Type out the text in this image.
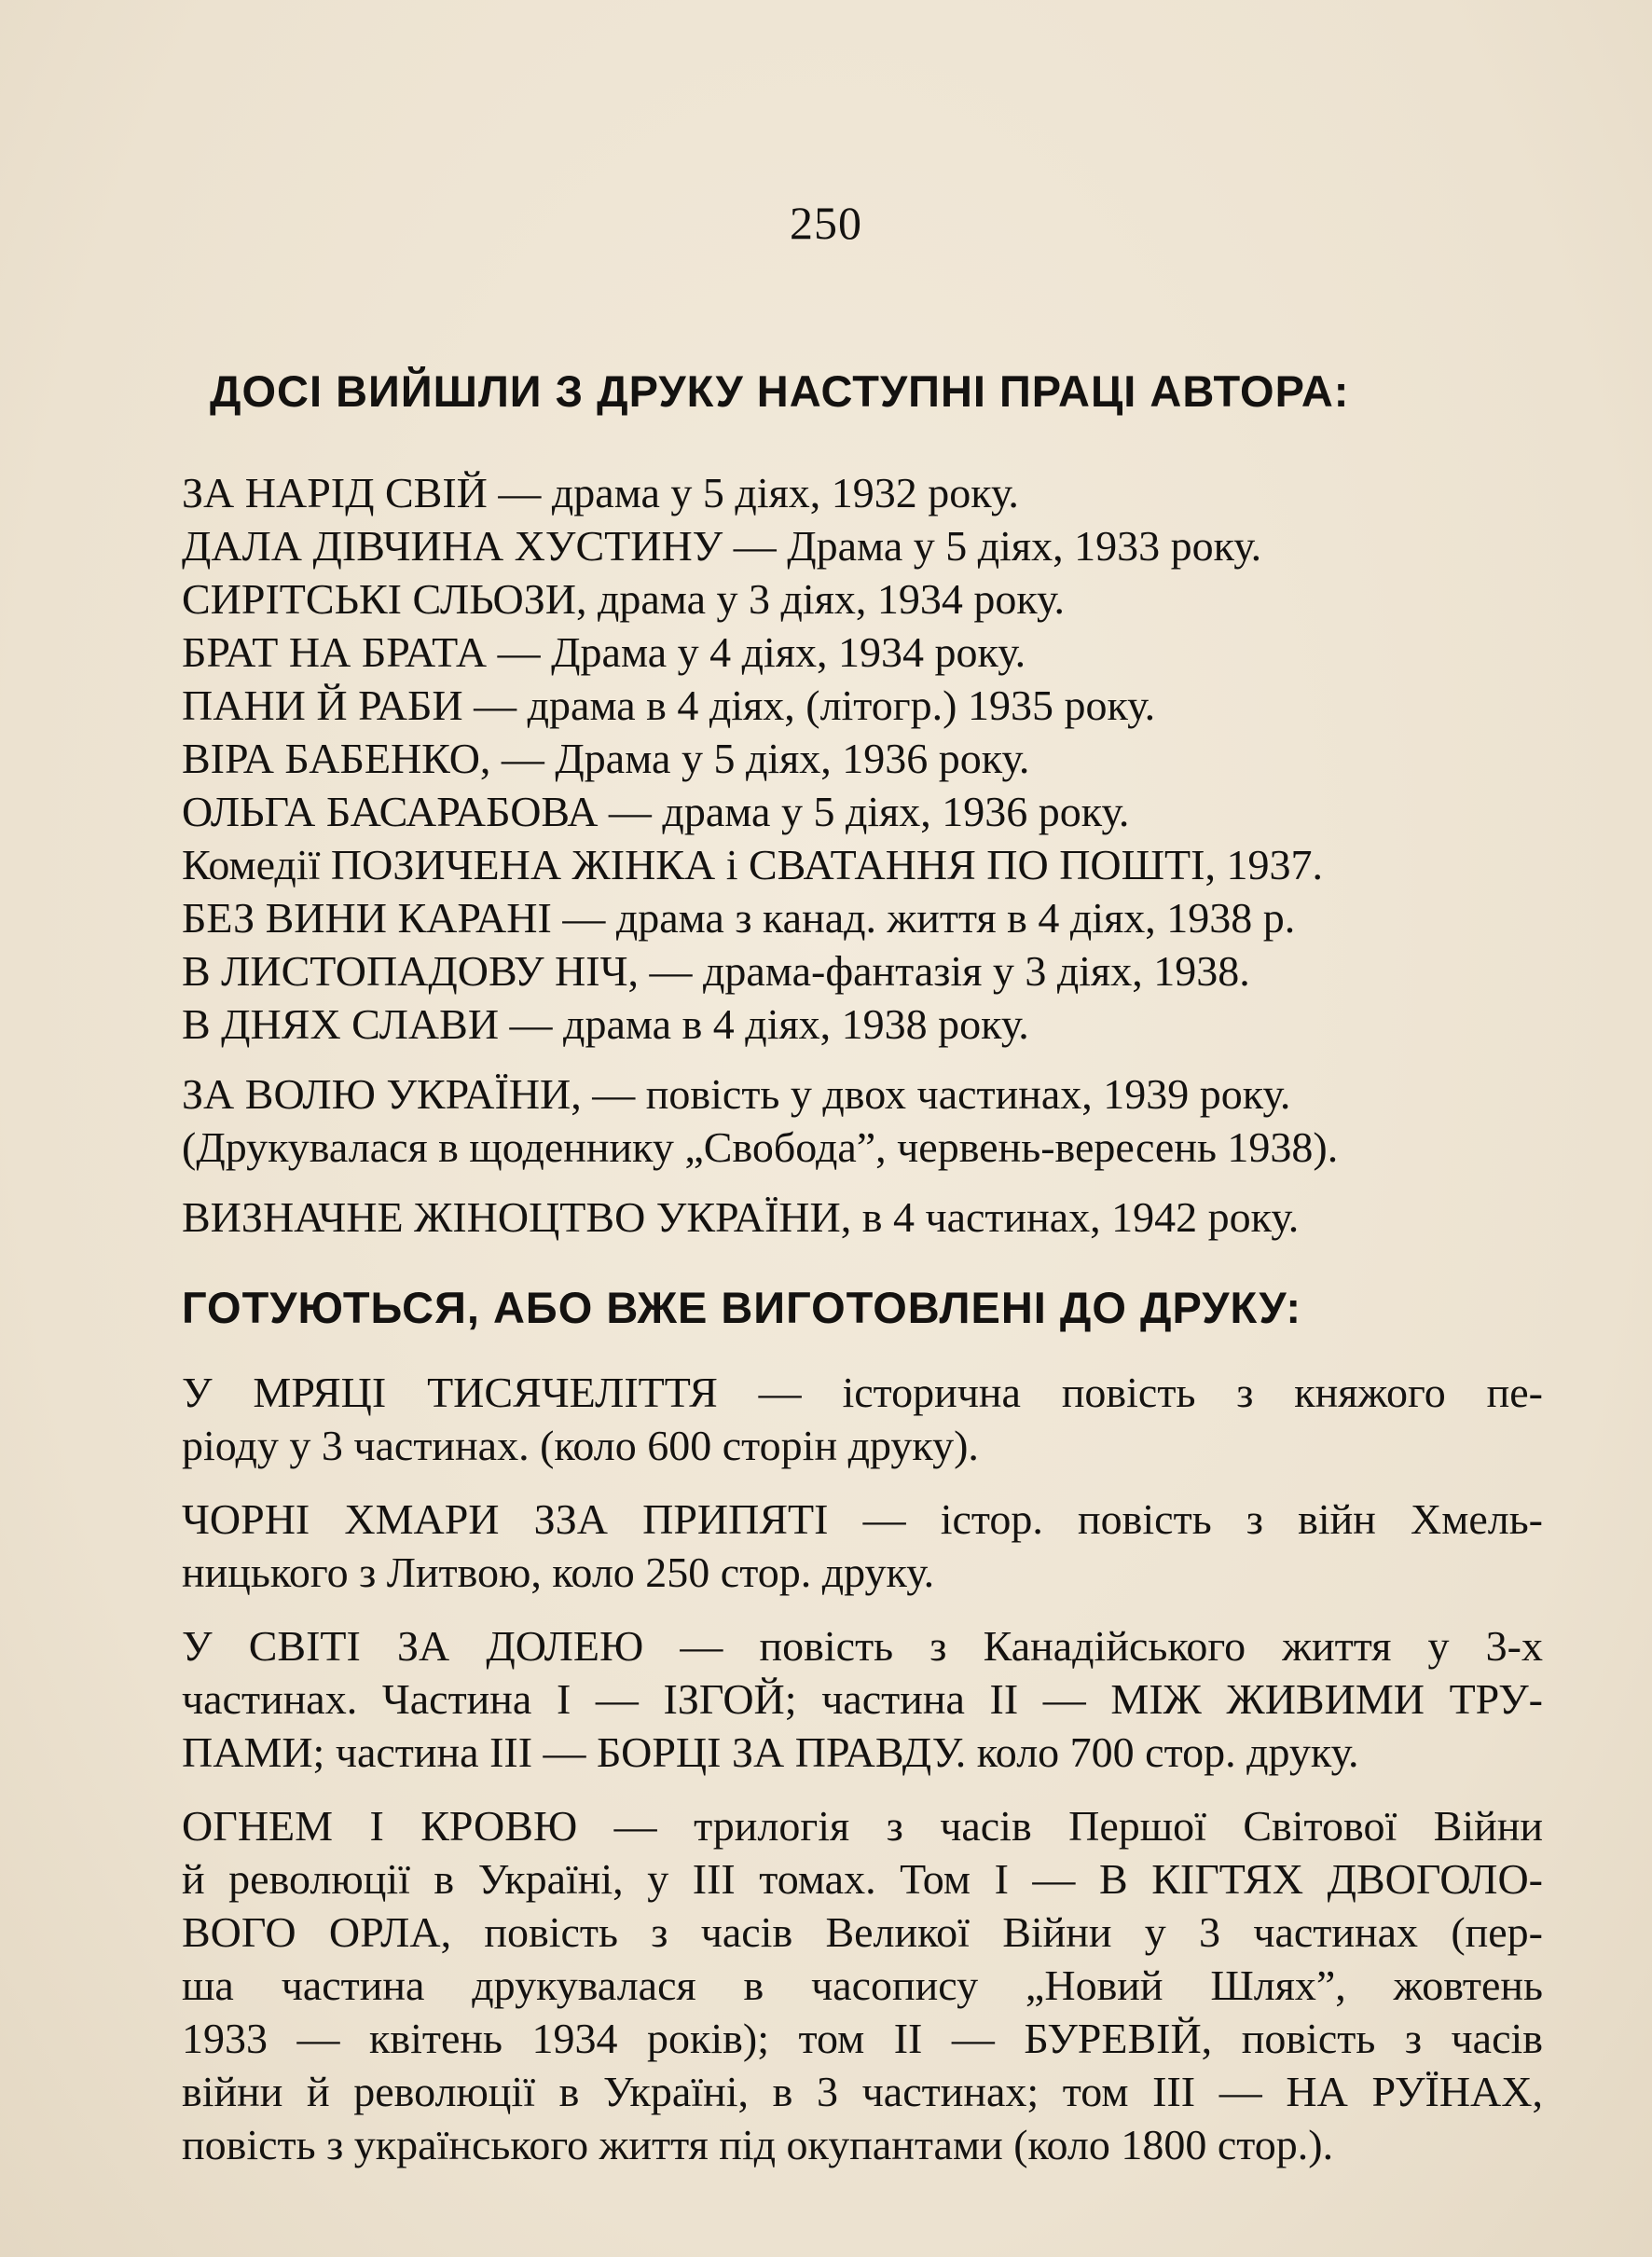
250
ДОСІ ВИЙШЛИ З ДРУКУ НАСТУПНІ ПРАЦІ АВТОРА:
ЗА НАРІД СВІЙ — драма у 5 діях, 1932 року.
ДАЛА ДІВЧИНА ХУСТИНУ — Драма у 5 діях, 1933 року.
СИРІТСЬКІ СЛЬОЗИ, драма у 3 діях, 1934 року.
БРАТ НА БРАТА — Драма у 4 діях, 1934 року.
ПАНИ Й РАБИ — драма в 4 діях, (літогр.) 1935 року.
ВІРА БАБЕНКО, — Драма у 5 діях, 1936 року.
ОЛЬГА БАСАРАБОВА — драма у 5 діях, 1936 року.
Комедії ПОЗИЧЕНА ЖІНКА і СВАТАННЯ ПО ПОШТІ, 1937.
БЕЗ ВИНИ КАРАНІ — драма з канад. життя в 4 діях, 1938 р.
В ЛИСТОПАДОВУ НІЧ, — драма-фантазія у 3 діях, 1938.
В ДНЯХ СЛАВИ — драма в 4 діях, 1938 року.
ЗА ВОЛЮ УКРАЇНИ, — повість у двох частинах, 1939 року.
(Друкувалася в щоденнику „Свобода”, червень-вересень 1938).
ВИЗНАЧНЕ ЖІНОЦТВО УКРАЇНИ, в 4 частинах, 1942 року.
ГОТУЮТЬСЯ, АБО ВЖЕ ВИГОТОВЛЕНІ ДО ДРУКУ:
У МРЯЦІ ТИСЯЧЕЛІТТЯ — історична повість з княжого пе-
ріоду у 3 частинах. (коло 600 сторін друку).
ЧОРНІ ХМАРИ ЗЗА ПРИПЯТІ — істор. повість з війн Хмель-
ницького з Литвою, коло 250 стор. друку.
У СВІТІ ЗА ДОЛЕЮ — повість з Канадійського життя у 3-х
частинах. Частина І — ІЗГОЙ; частина ІІ — МІЖ ЖИВИМИ ТРУ-
ПАМИ; частина ІІІ — БОРЦІ ЗА ПРАВДУ. коло 700 стор. друку.
ОГНЕМ І КРОВЮ — трилогія з часів Першої Світової Війни
й революції в Україні, у ІІІ томах. Том І — В КІГТЯХ ДВОГОЛО-
ВОГО ОРЛА, повість з часів Великої Війни у 3 частинах (пер-
ша частина друкувалася в часопису „Новий Шлях”, жовтень
1933 — квітень 1934 років); том ІІ — БУРЕВІЙ, повість з часів
війни й революції в Україні, в 3 частинах; том ІІІ — НА РУЇНАХ,
повість з українського життя під окупантами (коло 1800 стор.).
